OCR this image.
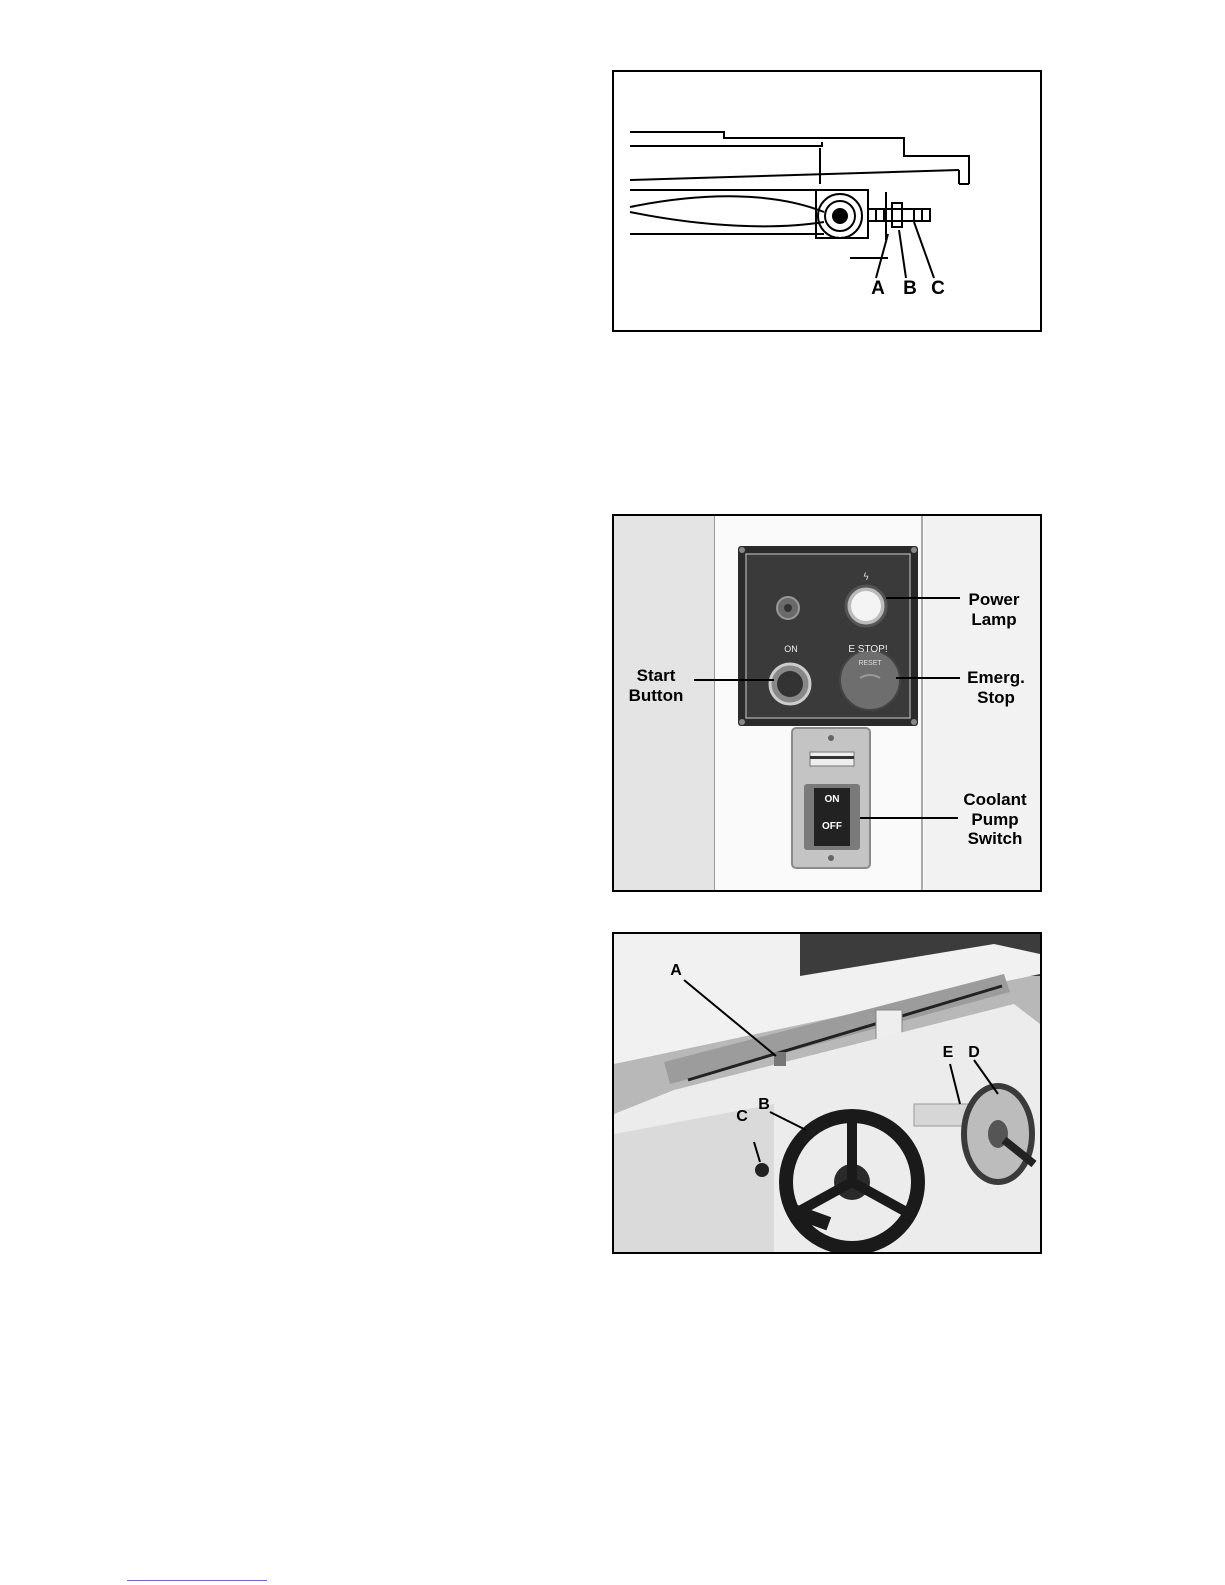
A B C
ϟ
ON	E STOP!
RESET
ON
OFF
Power
Lamp
Start
Button
Emerg.
Stop
Coolant
Pump
Switch
A
B
C
D
E
